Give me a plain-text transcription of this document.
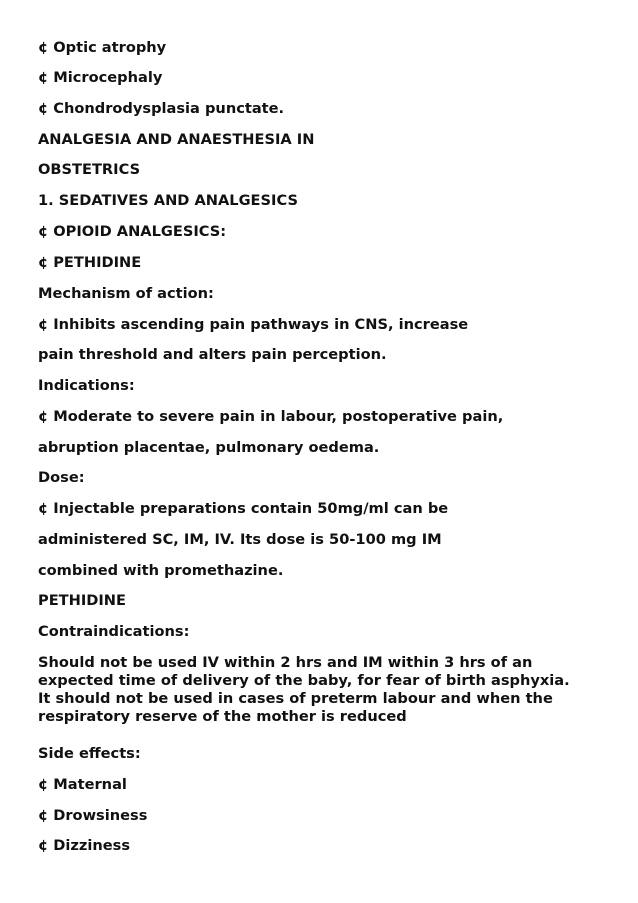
¢ Optic atrophy

¢ Microcephaly

¢ Chondrodysplasia punctate.

ANALGESIA AND ANAESTHESIA IN

OBSTETRICS

1. SEDATIVES AND ANALGESICS

¢ OPIOID ANALGESICS:

¢ PETHIDINE

Mechanism of action:

¢ Inhibits ascending pain pathways in CNS, increase

pain threshold and alters pain perception.

Indications:

¢ Moderate to severe pain in labour, postoperative pain,

abruption placentae, pulmonary oedema.

Dose:

¢ Injectable preparations contain 50mg/ml can be

administered SC, IM, IV. Its dose is 50-100 mg IM

combined with promethazine.

PETHIDINE

Contraindications:

Should not be used IV within 2 hrs and IM within 3 hrs of an
expected time of delivery of the baby, for fear of birth asphyxia.
It should not be used in cases of preterm labour and when the
respiratory reserve of the mother is reduced

Side effects:

¢ Maternal

¢ Drowsiness

¢ Dizziness
